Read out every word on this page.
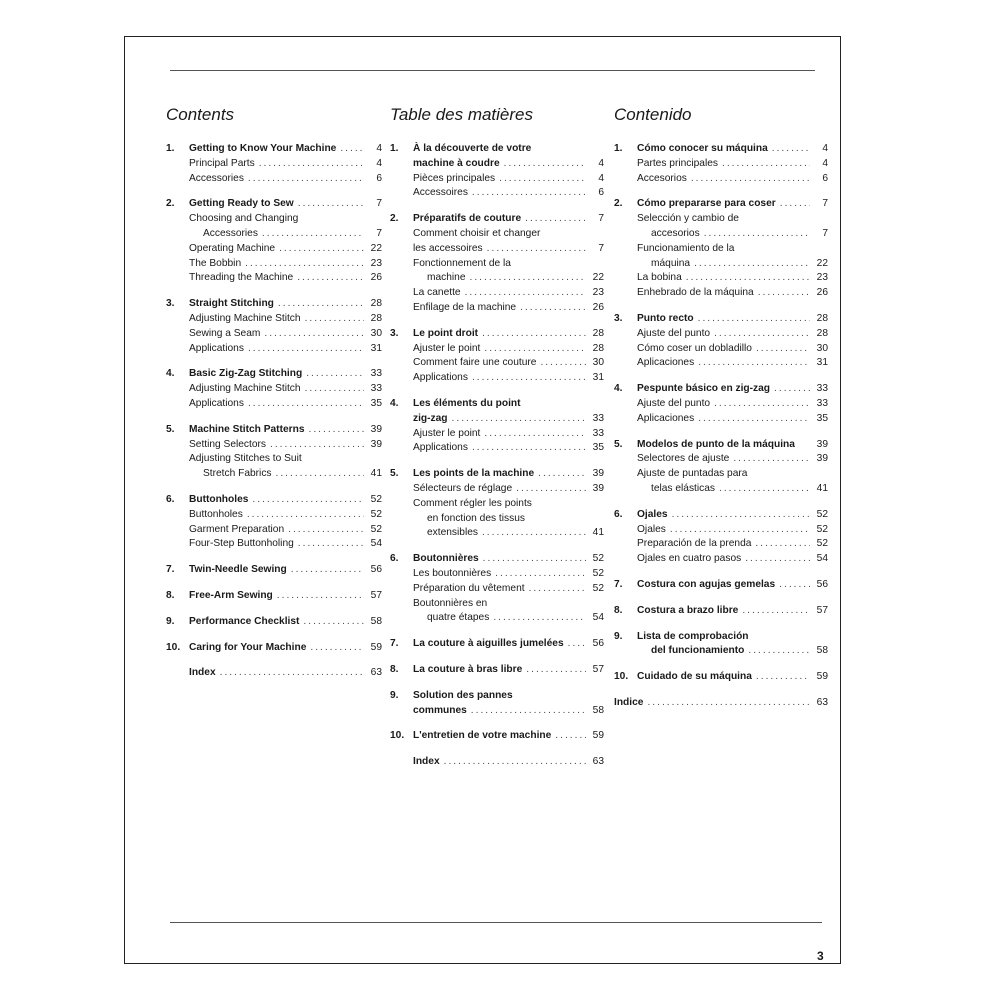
Contents
1.	Getting to Know Your Machine .....	4
Principal Parts .....	4
Accessories .....	6
2.	Getting Ready to Sew .....	7
Choosing and Changing
Accessories .....	7
Operating Machine .....	22
The Bobbin .....	23
Threading the Machine .....	26
3.	Straight Stitching .....	28
Adjusting Machine Stitch .....	28
Sewing a Seam .....	30
Applications .....	31
4.	Basic Zig-Zag Stitching .....	33
Adjusting Machine Stitch .....	33
Applications .....	35
5.	Machine Stitch Patterns .....	39
Setting Selectors .....	39
Adjusting Stitches to Suit
Stretch Fabrics .....	41
6.	Buttonholes .....	52
Buttonholes .....	52
Garment Preparation .....	52
Four-Step Buttonholing .....	54
7.	Twin-Needle Sewing .....	56
8.	Free-Arm Sewing .....	57
9.	Performance Checklist .....	58
10. Caring for Your Machine .....	59
Index .....	63
Table des matières
1.	À la découverte de votre
machine à coudre .....	4
Pièces principales .....	4
Accessoires .....	6
2.	Préparatifs de couture .....	7
Comment choisir et changer
les accessoires .....	7
Fonctionnement de la
machine .....	22
La canette .....	23
Enfilage de la machine .....	26
3.	Le point droit .....	28
Ajuster le point .....	28
Comment faire une couture .....	30
Applications .....	31
4.	Les éléments du point
zig-zag .....	33
Ajuster le point .....	33
Applications .....	35
5.	Les points de la machine .....	39
Sélecteurs de réglage .....	39
Comment régler les points
en fonction des tissus
extensibles .....	41
6.	Boutonnières .....	52
Les boutonnières .....	52
Préparation du vêtement .....	52
Boutonnières en
quatre étapes .....	54
7.	La couture à aiguilles jumelées .....	56
8.	La couture à bras libre .....	57
9.	Solution des pannes
communes .....	58
10. L'entretien de votre machine .....	59
Index .....	63
Contenido
1.	Cómo conocer su máquina .....	4
Partes principales .....	4
Accesorios .....	6
2.	Cómo prepararse para coser .....	7
Selección y cambio de
accesorios .....	7
Funcionamiento de la
máquina .....	22
La bobina .....	23
Enhebrado de la máquina .....	26
3.	Punto recto .....	28
Ajuste del punto .....	28
Cómo coser un dobladillo .....	30
Aplicaciones .....	31
4.	Pespunte básico en zig-zag .....	33
Ajuste del punto .....	33
Aplicaciones .....	35
5.	Modelos de punto de la máquina 39
Selectores de ajuste .....	39
Ajuste de puntadas para
telas elásticas .....	41
6.	Ojales .....	52
Ojales .....	52
Preparación de la prenda .....	52
Ojales en cuatro pasos .....	54
7.	Costura con agujas gemelas .....	56
8.	Costura a brazo libre .....	57
9.	Lista de comprobación
del funcionamiento .....	58
10. Cuidado de su máquina .....	59
Indice .....	63
3
